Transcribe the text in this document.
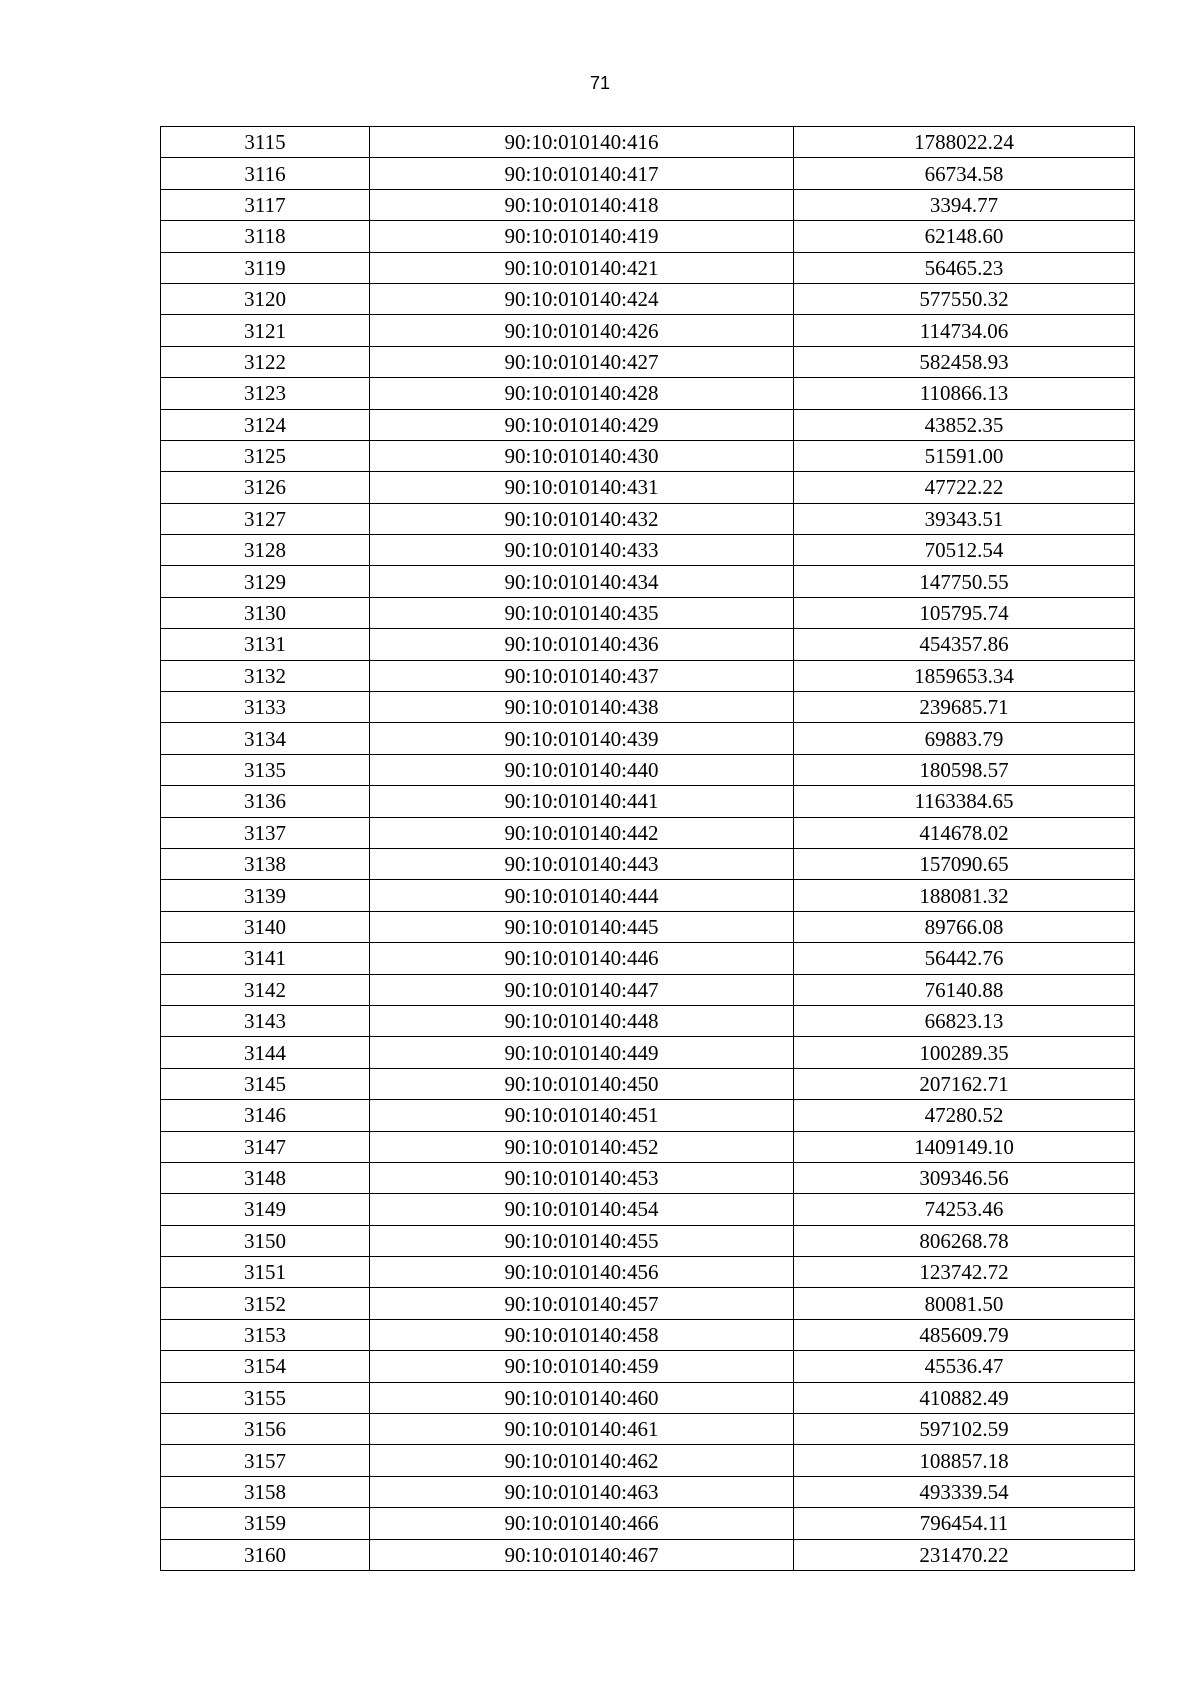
71
3115	90:10:010140:416	1788022.24
3116	90:10:010140:417	66734.58
3117	90:10:010140:418	3394.77
3118	90:10:010140:419	62148.60
3119	90:10:010140:421	56465.23
3120	90:10:010140:424	577550.32
3121	90:10:010140:426	114734.06
3122	90:10:010140:427	582458.93
3123	90:10:010140:428	110866.13
3124	90:10:010140:429	43852.35
3125	90:10:010140:430	51591.00
3126	90:10:010140:431	47722.22
3127	90:10:010140:432	39343.51
3128	90:10:010140:433	70512.54
3129	90:10:010140:434	147750.55
3130	90:10:010140:435	105795.74
3131	90:10:010140:436	454357.86
3132	90:10:010140:437	1859653.34
3133	90:10:010140:438	239685.71
3134	90:10:010140:439	69883.79
3135	90:10:010140:440	180598.57
3136	90:10:010140:441	1163384.65
3137	90:10:010140:442	414678.02
3138	90:10:010140:443	157090.65
3139	90:10:010140:444	188081.32
3140	90:10:010140:445	89766.08
3141	90:10:010140:446	56442.76
3142	90:10:010140:447	76140.88
3143	90:10:010140:448	66823.13
3144	90:10:010140:449	100289.35
3145	90:10:010140:450	207162.71
3146	90:10:010140:451	47280.52
3147	90:10:010140:452	1409149.10
3148	90:10:010140:453	309346.56
3149	90:10:010140:454	74253.46
3150	90:10:010140:455	806268.78
3151	90:10:010140:456	123742.72
3152	90:10:010140:457	80081.50
3153	90:10:010140:458	485609.79
3154	90:10:010140:459	45536.47
3155	90:10:010140:460	410882.49
3156	90:10:010140:461	597102.59
3157	90:10:010140:462	108857.18
3158	90:10:010140:463	493339.54
3159	90:10:010140:466	796454.11
3160	90:10:010140:467	231470.22
